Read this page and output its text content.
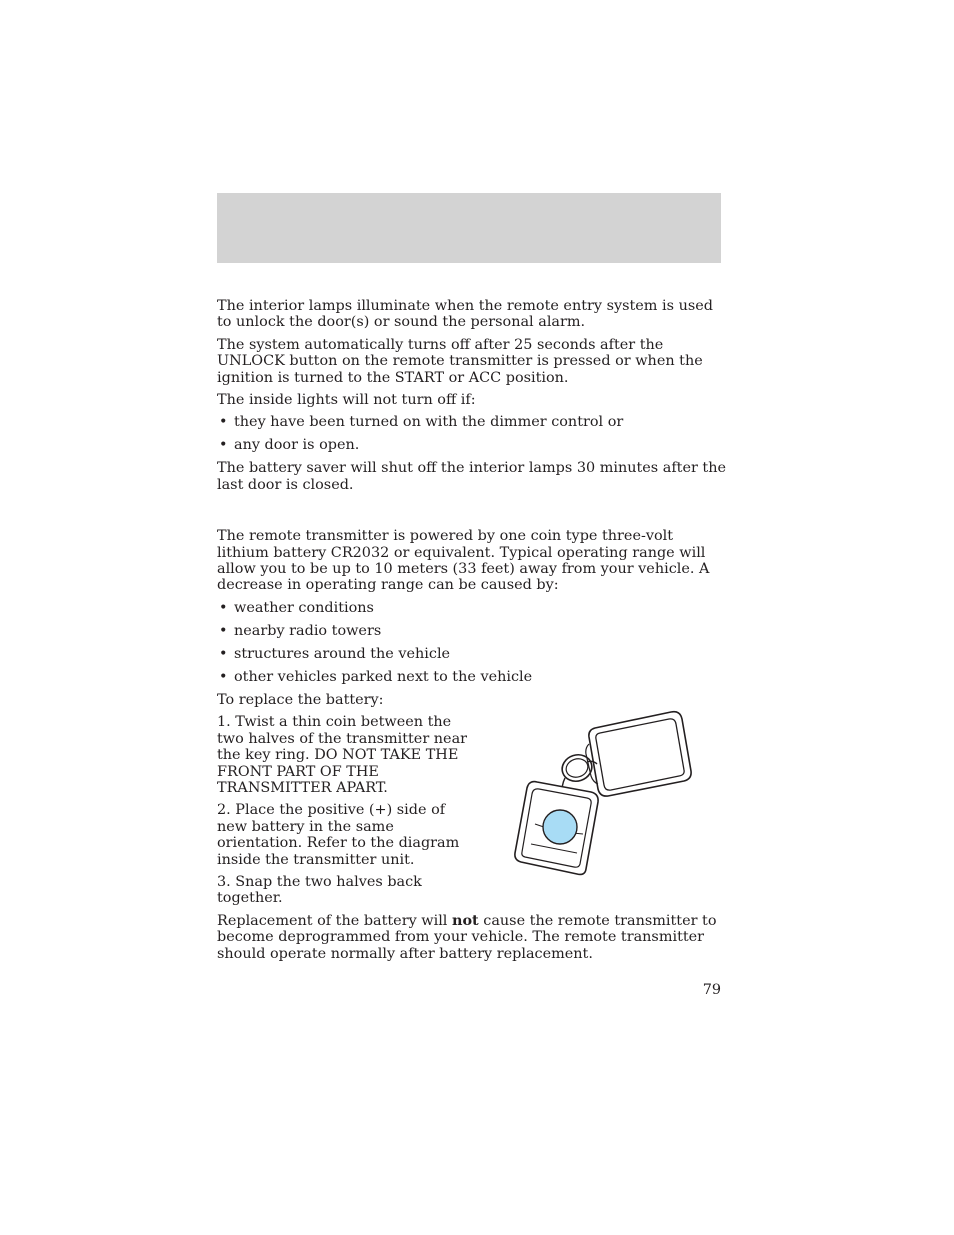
The interior lamps illuminate when the remote entry system is used to unlock the door(s) or sound the personal alarm.

The system automatically turns off after 25 seconds after the UNLOCK button on the remote transmitter is pressed or when the ignition is turned to the START or ACC position.

The inside lights will not turn off if:

• they have been turned on with the dimmer control or
• any door is open.

The battery saver will shut off the interior lamps 30 minutes after the last door is closed.

The remote transmitter is powered by one coin type three-volt lithium battery CR2032 or equivalent. Typical operating range will allow you to be up to 10 meters (33 feet) away from your vehicle. A decrease in operating range can be caused by:

• weather conditions
• nearby radio towers
• structures around the vehicle
• other vehicles parked next to the vehicle

To replace the battery:

1. Twist a thin coin between the two halves of the transmitter near the key ring. DO NOT TAKE THE FRONT PART OF THE TRANSMITTER APART.

2. Place the positive (+) side of new battery in the same orientation. Refer to the diagram inside the transmitter unit.

3. Snap the two halves back together.

Replacement of the battery will not cause the remote transmitter to become deprogrammed from your vehicle. The remote transmitter should operate normally after battery replacement.

79
